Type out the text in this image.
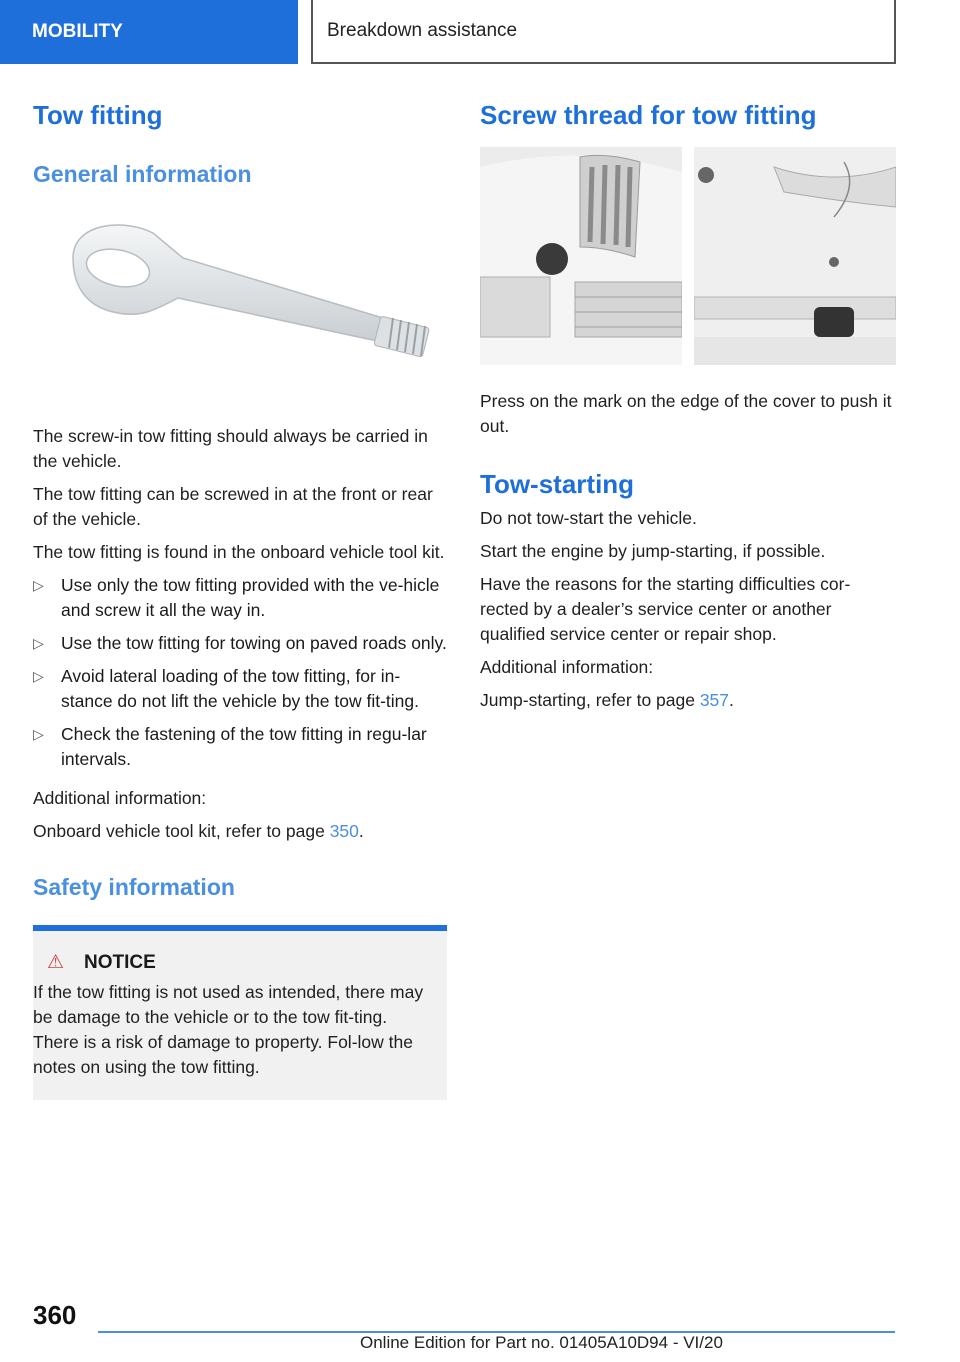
MOBILITY	Breakdown assistance
Tow fitting
General information

The screw-in tow fitting should always be carried in the vehicle.

The tow fitting can be screwed in at the front or rear of the vehicle.

The tow fitting is found in the onboard vehicle tool kit.

▷ Use only the tow fitting provided with the ve-hicle and screw it all the way in.
▷ Use the tow fitting for towing on paved roads only.
▷ Avoid lateral loading of the tow fitting, for in-stance do not lift the vehicle by the tow fit-ting.
▷ Check the fastening of the tow fitting in regu-lar intervals.

Additional information:

Onboard vehicle tool kit, refer to page 350.

Safety information
⚠ NOTICE

If the tow fitting is not used as intended, there may be damage to the vehicle or to the tow fit-ting. There is a risk of damage to property. Fol-low the notes on using the tow fitting.

Screw thread for tow fitting

Press on the mark on the edge of the cover to push it out.

Tow-starting

Do not tow-start the vehicle.

Start the engine by jump-starting, if possible.

Have the reasons for the starting difficulties cor-rected by a dealer’s service center or another qualified service center or repair shop.

Additional information:

Jump-starting, refer to page 357.

360
Online Edition for Part no. 01405A10D94 - VI/20
